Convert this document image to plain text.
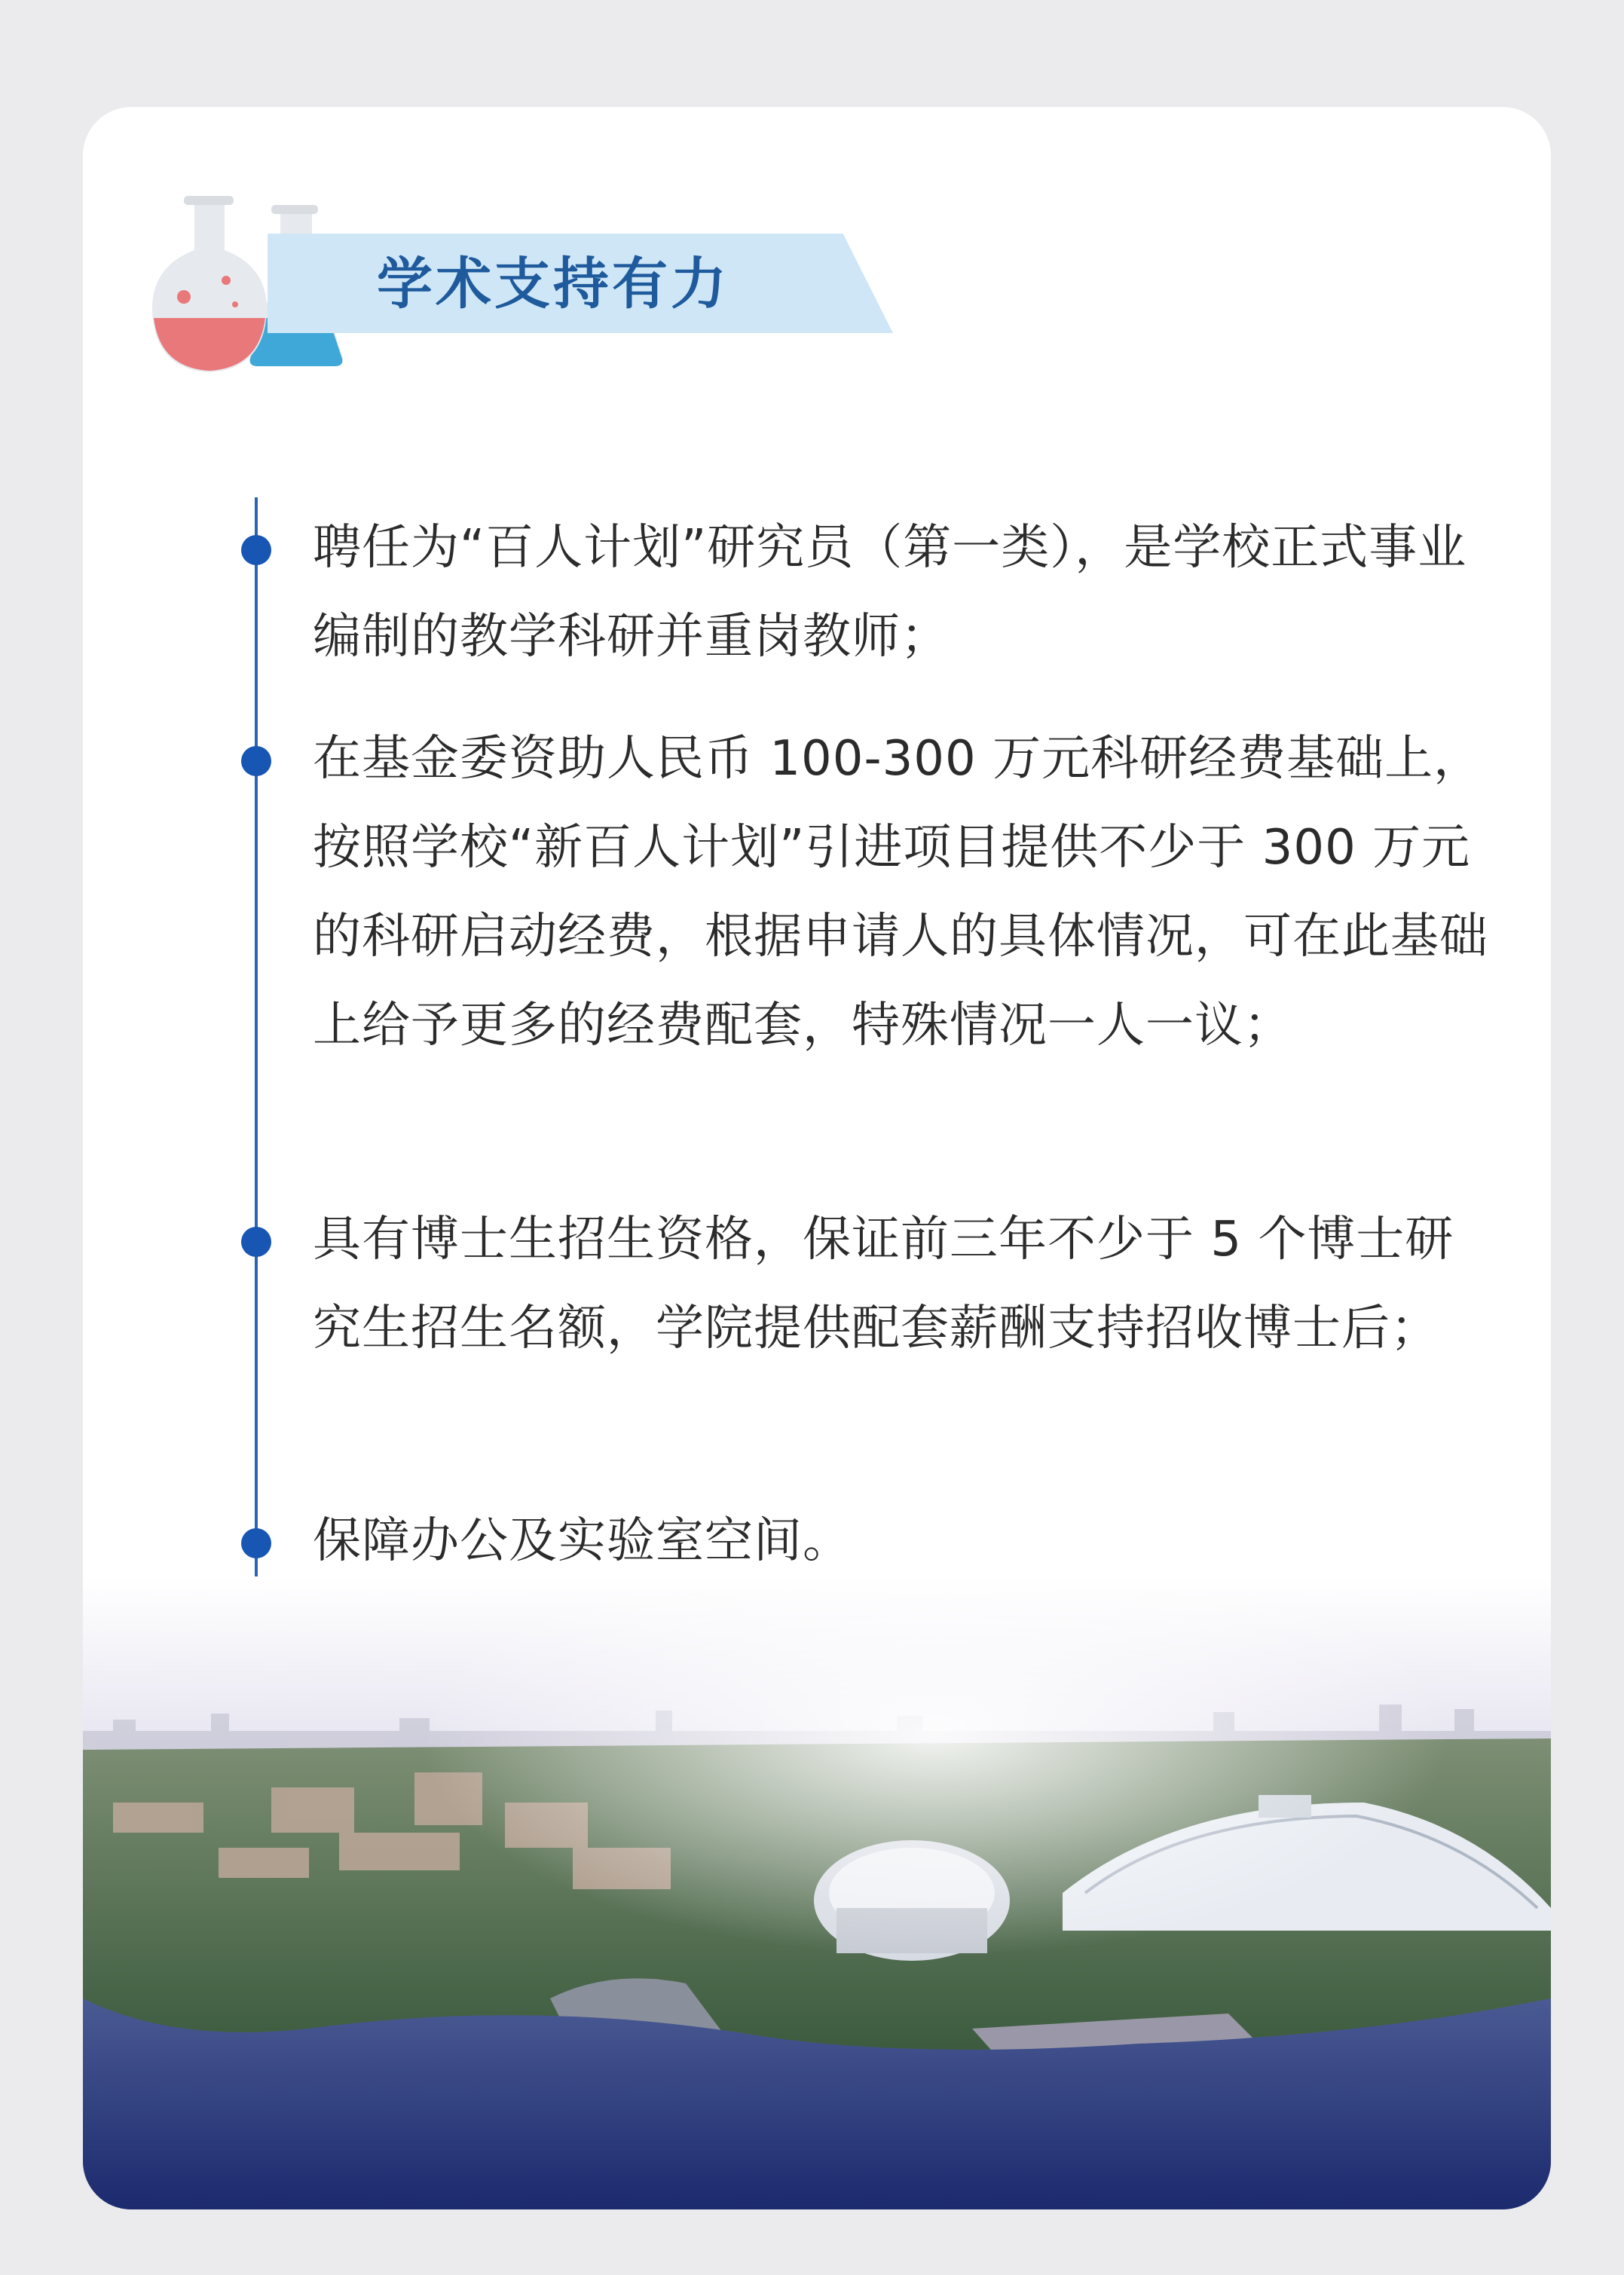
学术支持有力
聘任为“百人计划”研究员（第一类），是学校正式事业编制的教学科研并重岗教师；
在基金委资助人民币 100-300 万元科研经费基础上，按照学校“新百人计划”引进项目提供不少于 300 万元的科研启动经费，根据申请人的具体情况，可在此基础上给予更多的经费配套，特殊情况一人一议；
具有博士生招生资格，保证前三年不少于 5 个博士研究生招生名额，学院提供配套薪酬支持招收博士后；
保障办公及实验室空间。
